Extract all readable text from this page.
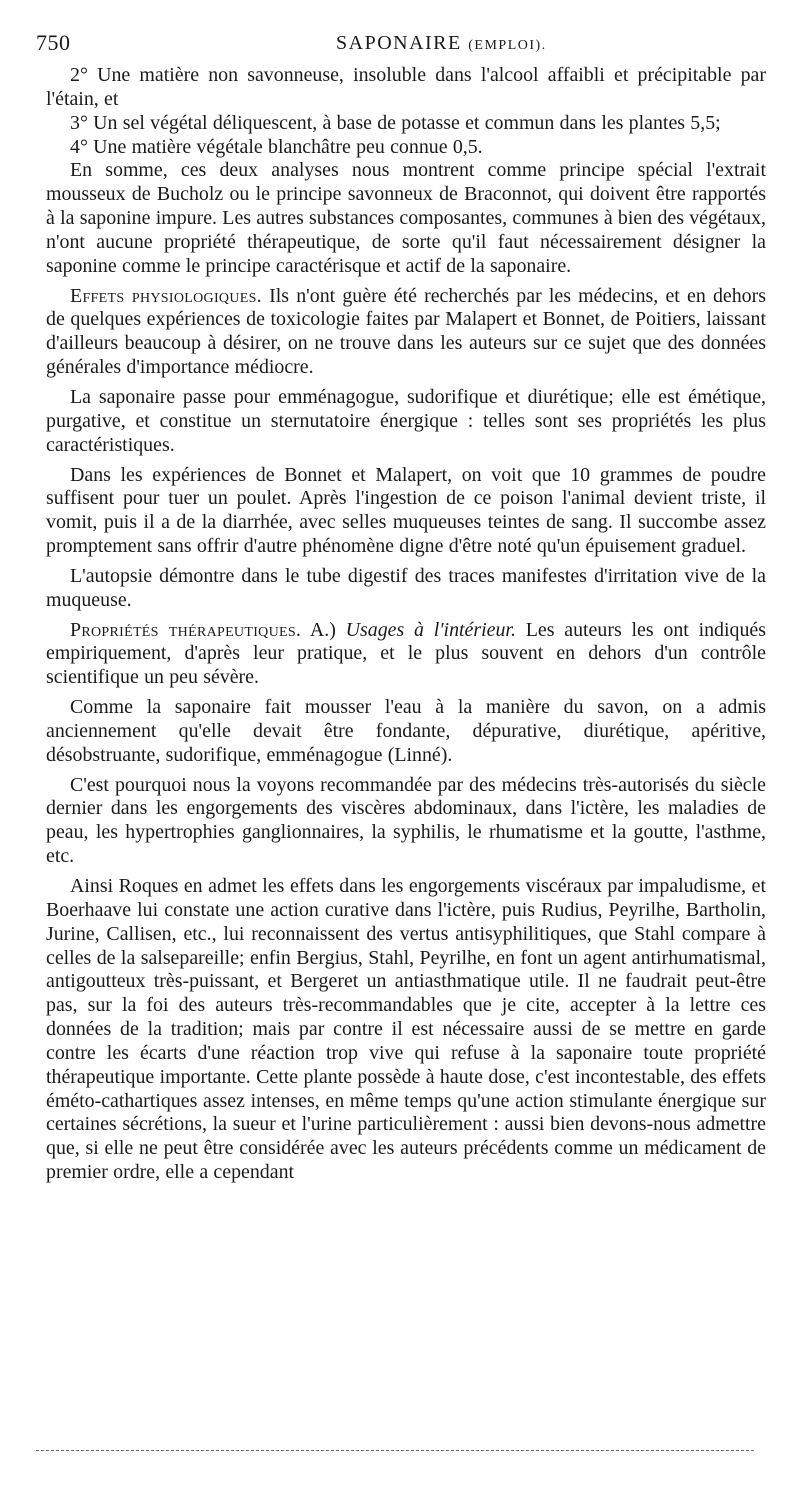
750	SAPONAIRE (EMPLOI).

2° Une matière non savonneuse, insoluble dans l'alcool affaibli et précipitable par l'étain, et

3° Un sel végétal déliquescent, à base de potasse et commun dans les plantes 5,5;

4° Une matière végétale blanchâtre peu connue 0,5.

En somme, ces deux analyses nous montrent comme principe spécial l'extrait mousseux de Bucholz ou le principe savonneux de Braconnot, qui doivent être rapportés à la saponine impure. Les autres substances composantes, communes à bien des végétaux, n'ont aucune propriété thérapeutique, de sorte qu'il faut nécessairement désigner la saponine comme le principe caractérisque et actif de la saponaire.

Effets physiologiques. Ils n'ont guère été recherchés par les médecins, et en dehors de quelques expériences de toxicologie faites par Malapert et Bonnet, de Poitiers, laissant d'ailleurs beaucoup à désirer, on ne trouve dans les auteurs sur ce sujet que des données générales d'importance médiocre.

La saponaire passe pour emménagogue, sudorifique et diurétique; elle est émétique, purgative, et constitue un sternutatoire énergique : telles sont ses propriétés les plus caractéristiques.

Dans les expériences de Bonnet et Malapert, on voit que 10 grammes de poudre suffisent pour tuer un poulet. Après l'ingestion de ce poison l'animal devient triste, il vomit, puis il a de la diarrhée, avec selles muqueuses teintes de sang. Il succombe assez promptement sans offrir d'autre phénomène digne d'être noté qu'un épuisement graduel.

L'autopsie démontre dans le tube digestif des traces manifestes d'irritation vive de la muqueuse.

Propriétés thérapeutiques. A.) Usages à l'intérieur. Les auteurs les ont indiqués empiriquement, d'après leur pratique, et le plus souvent en dehors d'un contrôle scientifique un peu sévère.

Comme la saponaire fait mousser l'eau à la manière du savon, on a admis anciennement qu'elle devait être fondante, dépurative, diurétique, apéritive, désobstruante, sudorifique, emménagogue (Linné).

C'est pourquoi nous la voyons recommandée par des médecins très-autorisés du siècle dernier dans les engorgements des viscères abdominaux, dans l'ictère, les maladies de peau, les hypertrophies ganglionnaires, la syphilis, le rhumatisme et la goutte, l'asthme, etc.

Ainsi Roques en admet les effets dans les engorgements viscéraux par impaludisme, et Boerhaave lui constate une action curative dans l'ictère, puis Rudius, Peyrilhe, Bartholin, Jurine, Callisen, etc., lui reconnaissent des vertus antisyphilitiques, que Stahl compare à celles de la salsepareille; enfin Bergius, Stahl, Peyrilhe, en font un agent antirhumatismal, antigoutteux très-puissant, et Bergeret un antiasthmatique utile. Il ne faudrait peut-être pas, sur la foi des auteurs très-recommandables que je cite, accepter à la lettre ces données de la tradition; mais par contre il est nécessaire aussi de se mettre en garde contre les écarts d'une réaction trop vive qui refuse à la saponaire toute propriété thérapeutique importante. Cette plante possède à haute dose, c'est incontestable, des effets éméto-cathartiques assez intenses, en même temps qu'une action stimulante énergique sur certaines sécrétions, la sueur et l'urine particulièrement : aussi bien devons-nous admettre que, si elle ne peut être considérée avec les auteurs précédents comme un médicament de premier ordre, elle a cependant
